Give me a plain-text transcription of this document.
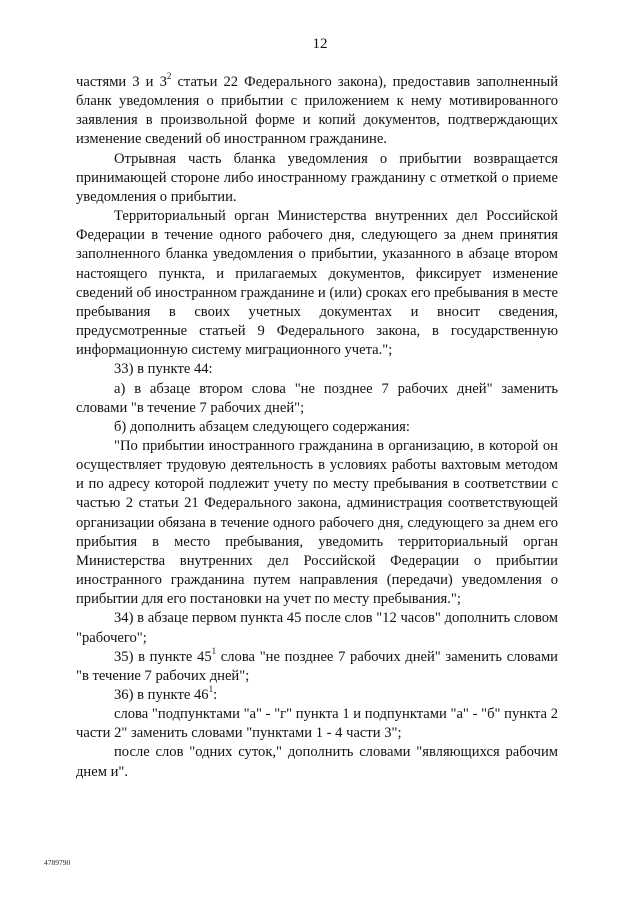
12

частями 3 и $3^2$ статьи 22 Федерального закона), предоставив заполненный бланк уведомления о прибытии с приложением к нему мотивированного заявления в произвольной форме и копий документов, подтверждающих изменение сведений об иностранном гражданине.

Отрывная часть бланка уведомления о прибытии возвращается принимающей стороне либо иностранному гражданину с отметкой о приеме уведомления о прибытии.

Территориальный орган Министерства внутренних дел Российской Федерации в течение одного рабочего дня, следующего за днем принятия заполненного бланка уведомления о прибытии, указанного в абзаце втором настоящего пункта, и прилагаемых документов, фиксирует изменение сведений об иностранном гражданине и (или) сроках его пребывания в месте пребывания в своих учетных документах и вносит сведения, предусмотренные статьей 9 Федерального закона, в государственную информационную систему миграционного учета.";

33) в пункте 44:

а) в абзаце втором слова "не позднее 7 рабочих дней" заменить словами "в течение 7 рабочих дней";

б) дополнить абзацем следующего содержания:

"По прибытии иностранного гражданина в организацию, в которой он осуществляет трудовую деятельность в условиях работы вахтовым методом и по адресу которой подлежит учету по месту пребывания в соответствии с частью 2 статьи 21 Федерального закона, администрация соответствующей организации обязана в течение одного рабочего дня, следующего за днем его прибытия в место пребывания, уведомить территориальный орган Министерства внутренних дел Российской Федерации о прибытии иностранного гражданина путем направления (передачи) уведомления о прибытии для его постановки на учет по месту пребывания.";

34) в абзаце первом пункта 45 после слов "12 часов" дополнить словом "рабочего";

35) в пункте $45^1$ слова "не позднее 7 рабочих дней" заменить словами "в течение 7 рабочих дней";

36) в пункте $46^1$:

слова "подпунктами "а" - "г" пункта 1 и подпунктами "а" - "б" пункта 2 части 2" заменить словами "пунктами 1 - 4 части 3";

после слов "одних суток," дополнить словами "являющихся рабочим днем и".

4789790
